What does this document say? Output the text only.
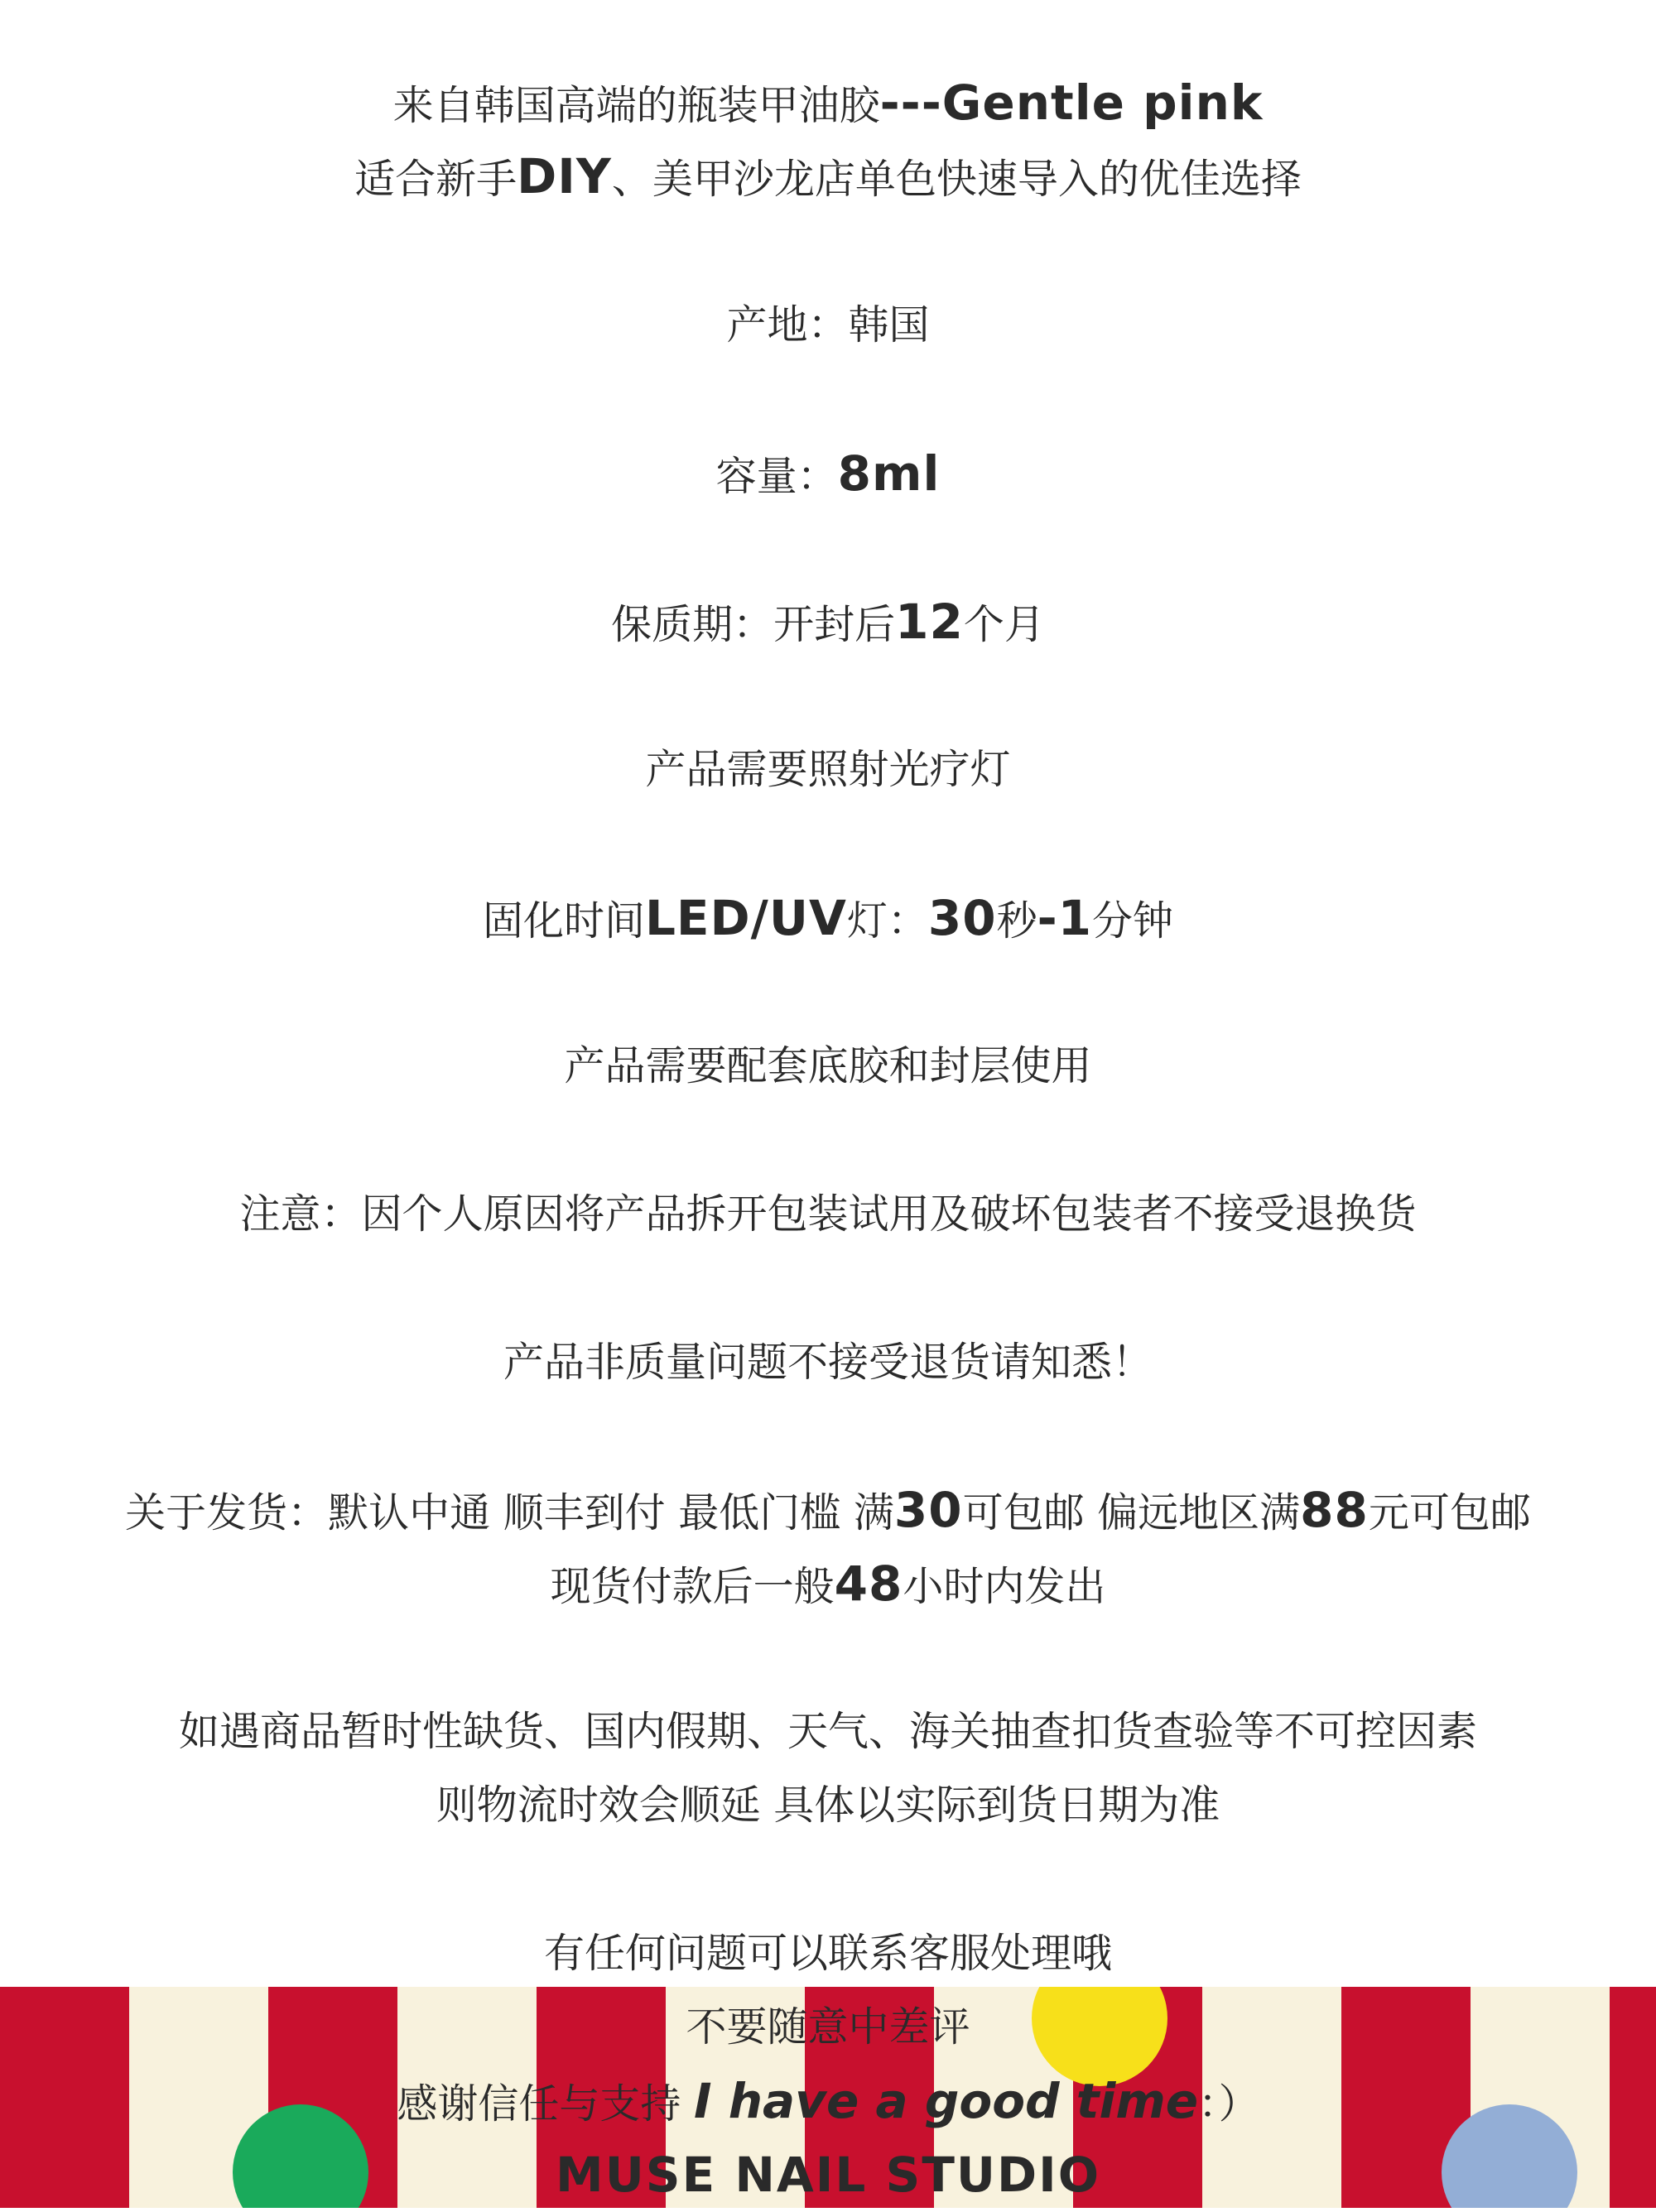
来自韩国高端的瓶装甲油胶---Gentle pink
适合新手DIY、美甲沙龙店单色快速导入的优佳选择
产地：韩国
容量：8ml
保质期：开封后12个月
产品需要照射光疗灯
固化时间LED/UV灯：30秒-1分钟
产品需要配套底胶和封层使用
注意：因个人原因将产品拆开包装试用及破坏包装者不接受退换货
产品非质量问题不接受退货请知悉！
关于发货：默认中通 顺丰到付 最低门槛 满30可包邮 偏远地区满88元可包邮
现货付款后一般48小时内发出
如遇商品暂时性缺货、国内假期、天气、海关抽查扣货查验等不可控因素
则物流时效会顺延 具体以实际到货日期为准
有任何问题可以联系客服处理哦
不要随意中差评
感谢信任与支持 I have a good time：）
MUSE NAIL STUDIO
